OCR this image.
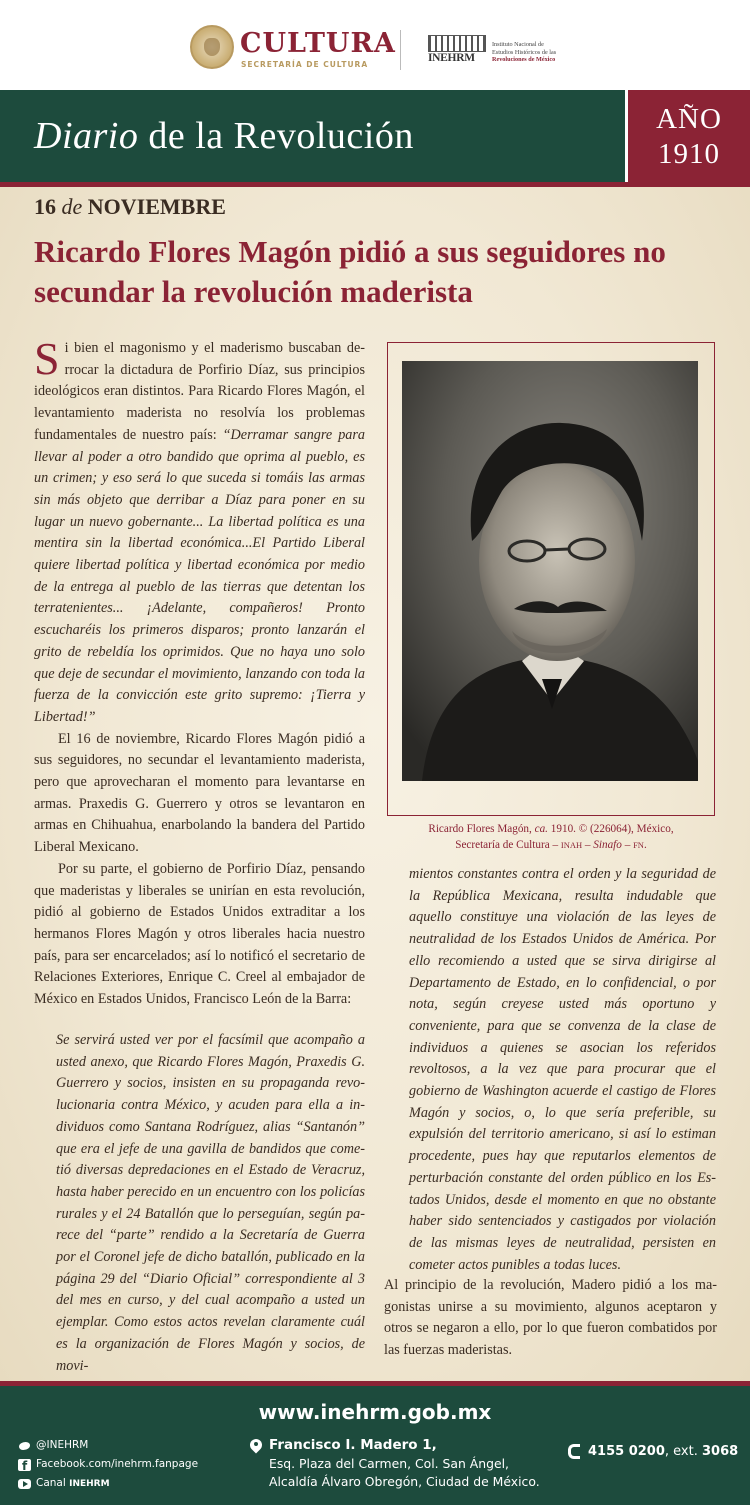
CULTURA
SECRETARÍA DE CULTURA
INEHRM
Instituto Nacional de
Estudios Históricos de las
Revoluciones de México
Diario de la Revolución	AÑO
1910
16 de NOVIEMBRE
Ricardo Flores Magón pidió a sus seguidores no secundar la revolución maderista
Si bien el magonismo y el maderismo buscaban derrocar la dictadura de Porfirio Díaz, sus principios ideológicos eran distintos. Para Ricardo Flores Magón, el levantamiento maderista no resolvía los problemas fundamentales de nuestro país: “Derramar sangre para llevar al poder a otro bandido que oprima al pueblo, es un crimen; y eso será lo que suceda si tomáis las armas sin más objeto que derribar a Díaz para poner en su lugar un nuevo gobernante... La libertad política es una mentira sin la libertad económica...El Partido Liberal quiere libertad política y libertad económica por medio de la entrega al pueblo de las tierras que detentan los terratenientes... ¡Adelante, compañeros! Pronto escucharéis los primeros disparos; pronto lanzarán el grito de rebeldía los oprimidos. Que no haya uno solo que deje de secundar el movimiento, lanzando con toda la fuerza de la convicción este grito supremo: ¡Tierra y Libertad!”
El 16 de noviembre, Ricardo Flores Magón pidió a sus seguidores, no secundar el levantamiento maderista, pero que aprovecharan el momento para levantarse en armas. Praxedis G. Guerrero y otros se levantaron en armas en Chihuahua, enarbolando la bandera del Partido Liberal Mexicano.
Por su parte, el gobierno de Porfirio Díaz, pensando que maderistas y liberales se unirían en esta revolución, pidió al gobierno de Estados Unidos extraditar a los hermanos Flores Magón y otros liberales hacia nuestro país, para ser encarcelados; así lo notificó el secretario de Relaciones Exteriores, Enrique C. Creel al embajador de México en Estados Unidos, Francisco León de la Barra:
Se servirá usted ver por el facsímil que acompaño a usted anexo, que Ricardo Flores Magón, Praxedis G. Guerrero y socios, insisten en su propaganda revolucionaria contra México, y acuden para ella a individuos como Santana Rodríguez, alias “Santanón” que era el jefe de una gavilla de bandidos que cometió diversas depredaciones en el Estado de Veracruz, hasta haber perecido en un encuentro con los policías rurales y el 24 Batallón que lo perseguían, según parece del “parte” rendido a la Secretaría de Guerra por el Coronel jefe de dicho batallón, publicado en la página 29 del “Diario Oficial” correspondiente al 3 del mes en curso, y del cual acompaño a usted un ejemplar. Como estos actos revelan claramente cuál es la organización de Flores Magón y socios, de movi-
Ricardo Flores Magón, ca. 1910. © (226064), México,
Secretaría de Cultura – INAH – Sinafo – FN.
mientos constantes contra el orden y la seguridad de la República Mexicana, resulta indudable que aquello constituye una violación de las leyes de neutralidad de los Estados Unidos de América. Por ello recomiendo a usted que se sirva dirigirse al Departamento de Estado, en lo confidencial, o por nota, según creyese usted más oportuno y conveniente, para que se convenza de la clase de individuos a quienes se asocian los referidos revoltosos, a la vez que para procurar que el gobierno de Washington acuerde el castigo de Flores Magón y socios, o, lo que sería preferible, su expulsión del territorio americano, si así lo estiman procedente, pues hay que reputarlos elementos de perturbación constante del orden público en los Estados Unidos, desde el momento en que no obstante haber sido sentenciados y castigados por violación de las mismas leyes de neutralidad, persisten en cometer actos punibles a todas luces.
Al principio de la revolución, Madero pidió a los magonistas unirse a su movimiento, algunos aceptaron y otros se negaron a ello, por lo que fueron combatidos por las fuerzas maderistas.
www.inehrm.gob.mx
@INEHRM
f
Facebook.com/inehrm.fanpage
Canal INEHRM
Francisco I. Madero 1,
Esq. Plaza del Carmen, Col. San Ángel,
Alcaldía Álvaro Obregón, Ciudad de México.
4155 0200, ext. 3068
